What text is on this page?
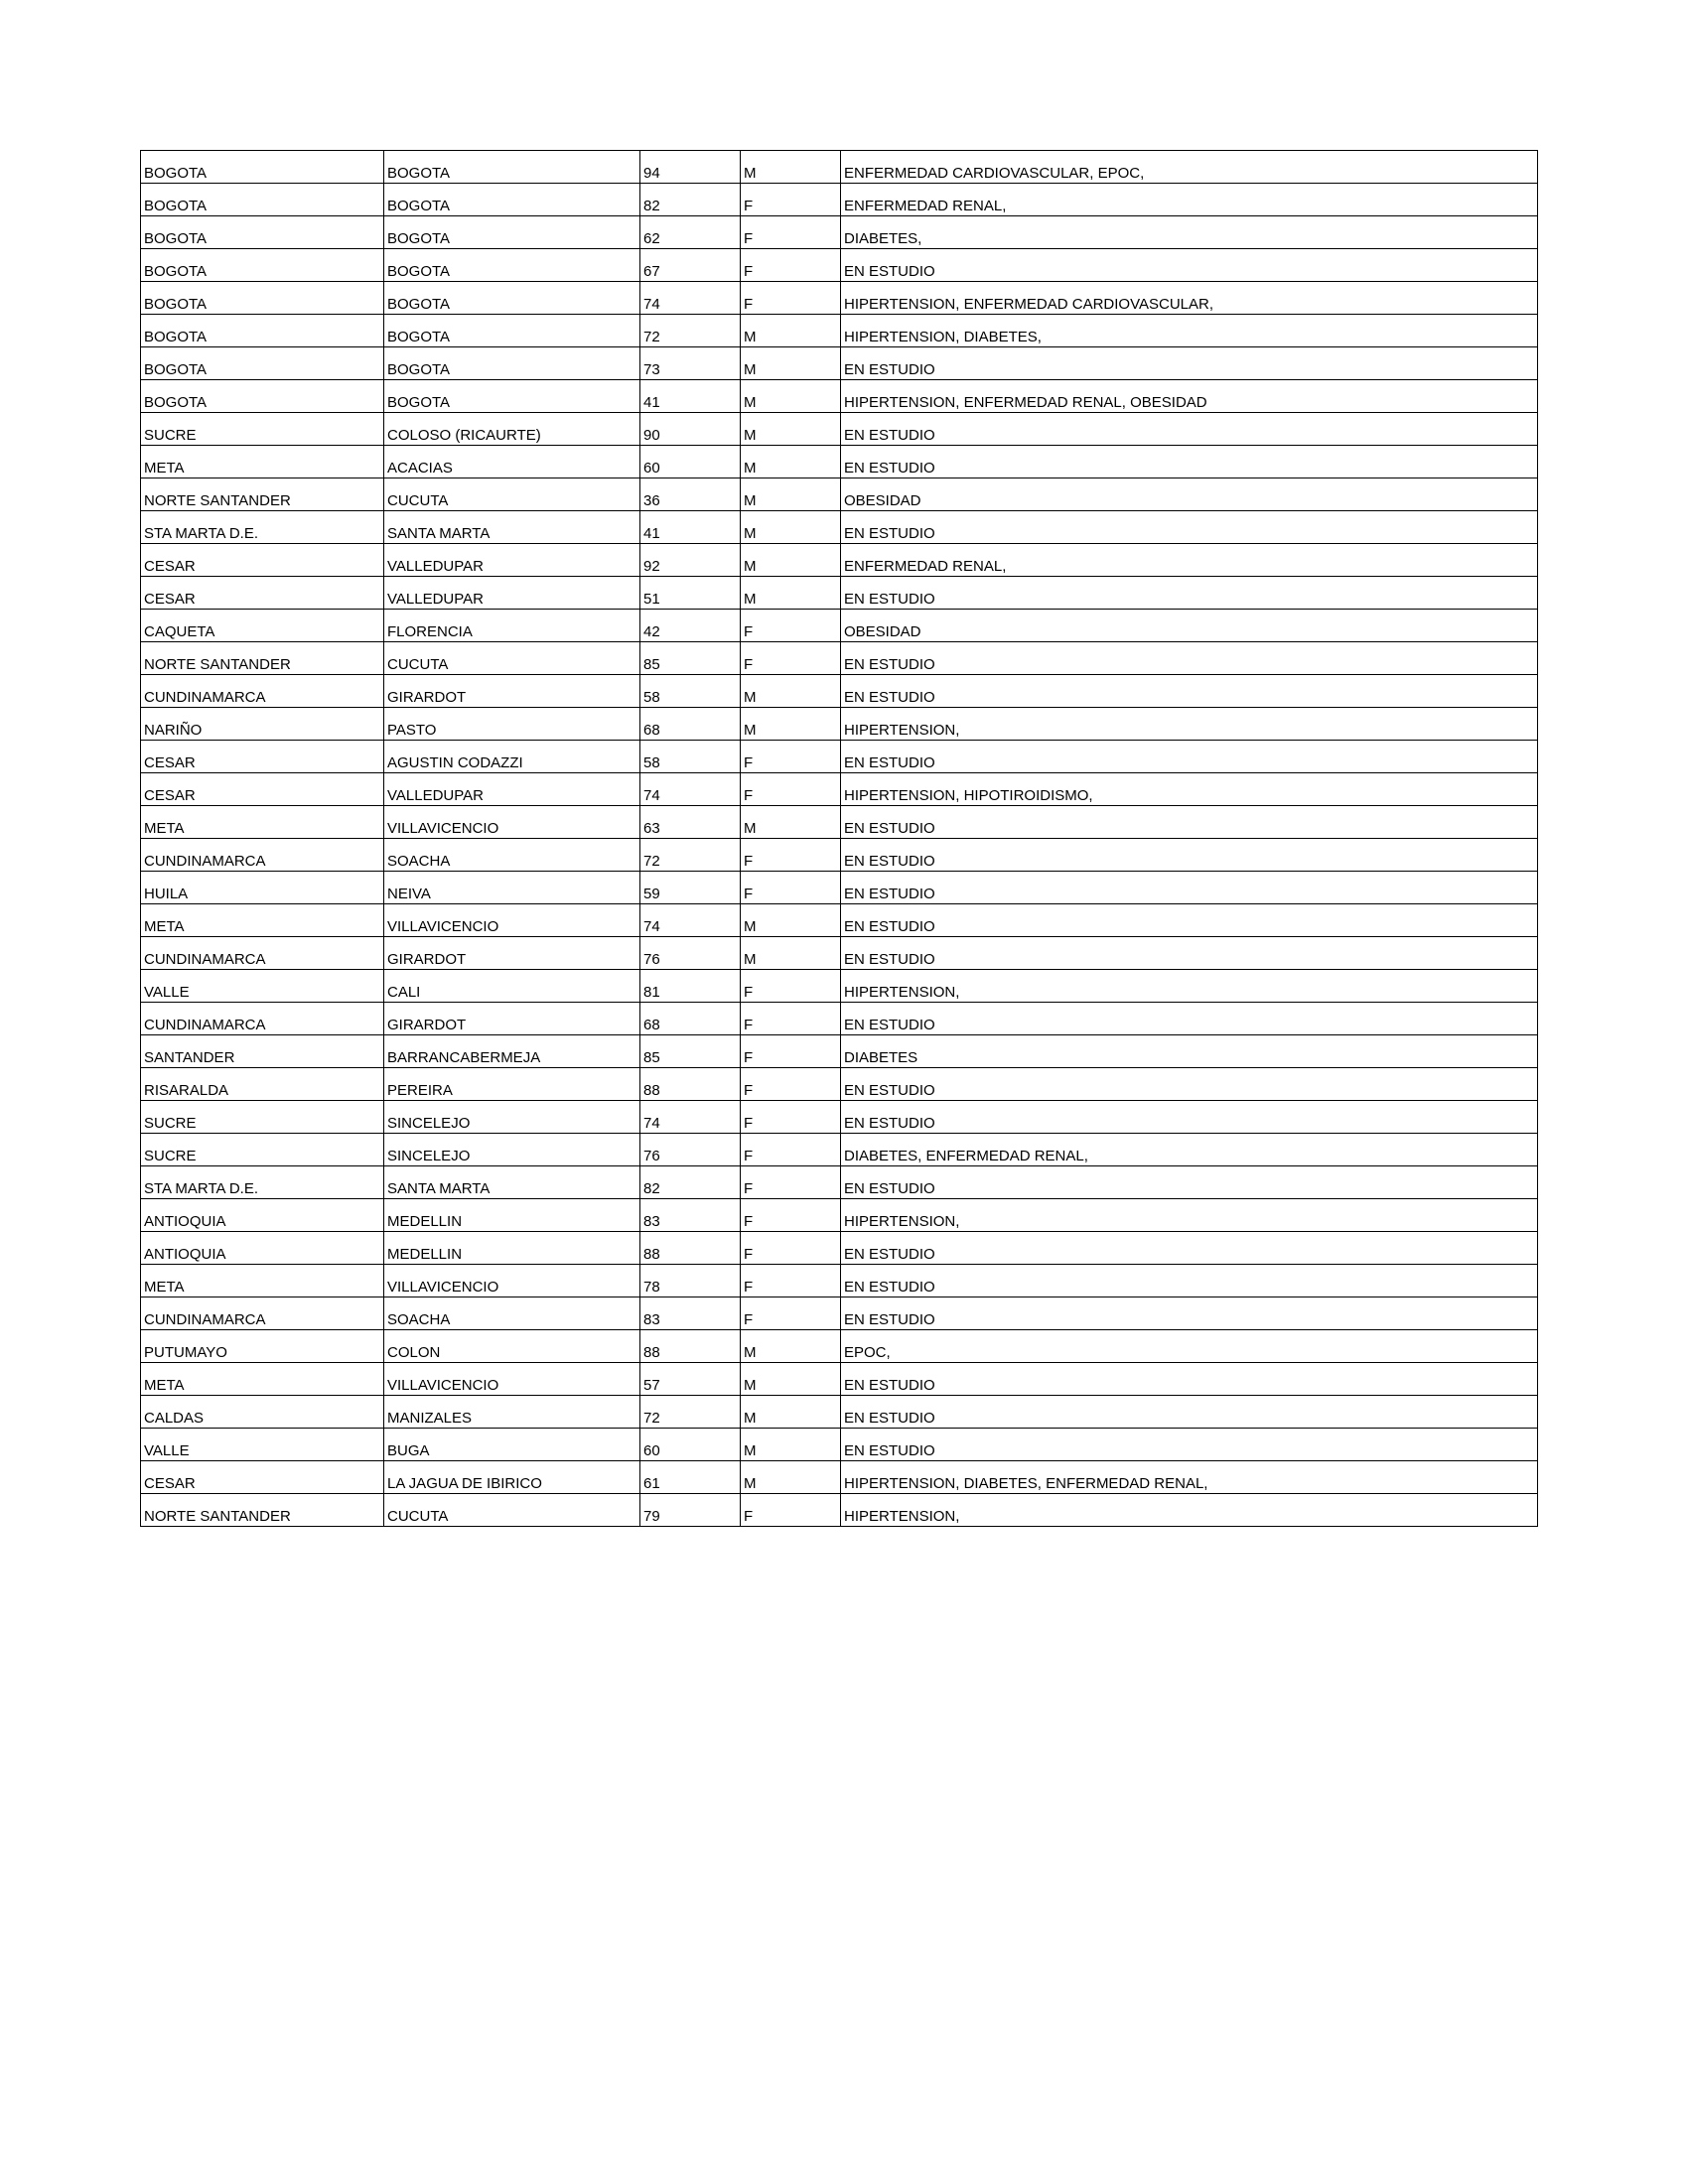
BOGOTA	BOGOTA	94	M	ENFERMEDAD CARDIOVASCULAR, EPOC,
BOGOTA	BOGOTA	82	F	ENFERMEDAD RENAL,
BOGOTA	BOGOTA	62	F	DIABETES,
BOGOTA	BOGOTA	67	F	EN ESTUDIO
BOGOTA	BOGOTA	74	F	HIPERTENSION, ENFERMEDAD CARDIOVASCULAR,
BOGOTA	BOGOTA	72	M	HIPERTENSION, DIABETES,
BOGOTA	BOGOTA	73	M	EN ESTUDIO
BOGOTA	BOGOTA	41	M	HIPERTENSION, ENFERMEDAD RENAL, OBESIDAD
SUCRE	COLOSO (RICAURTE)	90	M	EN ESTUDIO
META	ACACIAS	60	M	EN ESTUDIO
NORTE SANTANDER	CUCUTA	36	M	OBESIDAD
STA MARTA D.E.	SANTA MARTA	41	M	EN ESTUDIO
CESAR	VALLEDUPAR	92	M	ENFERMEDAD RENAL,
CESAR	VALLEDUPAR	51	M	EN ESTUDIO
CAQUETA	FLORENCIA	42	F	OBESIDAD
NORTE SANTANDER	CUCUTA	85	F	EN ESTUDIO
CUNDINAMARCA	GIRARDOT	58	M	EN ESTUDIO
NARIÑO	PASTO	68	M	HIPERTENSION,
CESAR	AGUSTIN CODAZZI	58	F	EN ESTUDIO
CESAR	VALLEDUPAR	74	F	HIPERTENSION, HIPOTIROIDISMO,
META	VILLAVICENCIO	63	M	EN ESTUDIO
CUNDINAMARCA	SOACHA	72	F	EN ESTUDIO
HUILA	NEIVA	59	F	EN ESTUDIO
META	VILLAVICENCIO	74	M	EN ESTUDIO
CUNDINAMARCA	GIRARDOT	76	M	EN ESTUDIO
VALLE	CALI	81	F	HIPERTENSION,
CUNDINAMARCA	GIRARDOT	68	F	EN ESTUDIO
SANTANDER	BARRANCABERMEJA	85	F	DIABETES
RISARALDA	PEREIRA	88	F	EN ESTUDIO
SUCRE	SINCELEJO	74	F	EN ESTUDIO
SUCRE	SINCELEJO	76	F	DIABETES, ENFERMEDAD RENAL,
STA MARTA D.E.	SANTA MARTA	82	F	EN ESTUDIO
ANTIOQUIA	MEDELLIN	83	F	HIPERTENSION,
ANTIOQUIA	MEDELLIN	88	F	EN ESTUDIO
META	VILLAVICENCIO	78	F	EN ESTUDIO
CUNDINAMARCA	SOACHA	83	F	EN ESTUDIO
PUTUMAYO	COLON	88	M	EPOC,
META	VILLAVICENCIO	57	M	EN ESTUDIO
CALDAS	MANIZALES	72	M	EN ESTUDIO
VALLE	BUGA	60	M	EN ESTUDIO
CESAR	LA JAGUA DE IBIRICO	61	M	HIPERTENSION, DIABETES, ENFERMEDAD RENAL,
NORTE SANTANDER	CUCUTA	79	F	HIPERTENSION,
